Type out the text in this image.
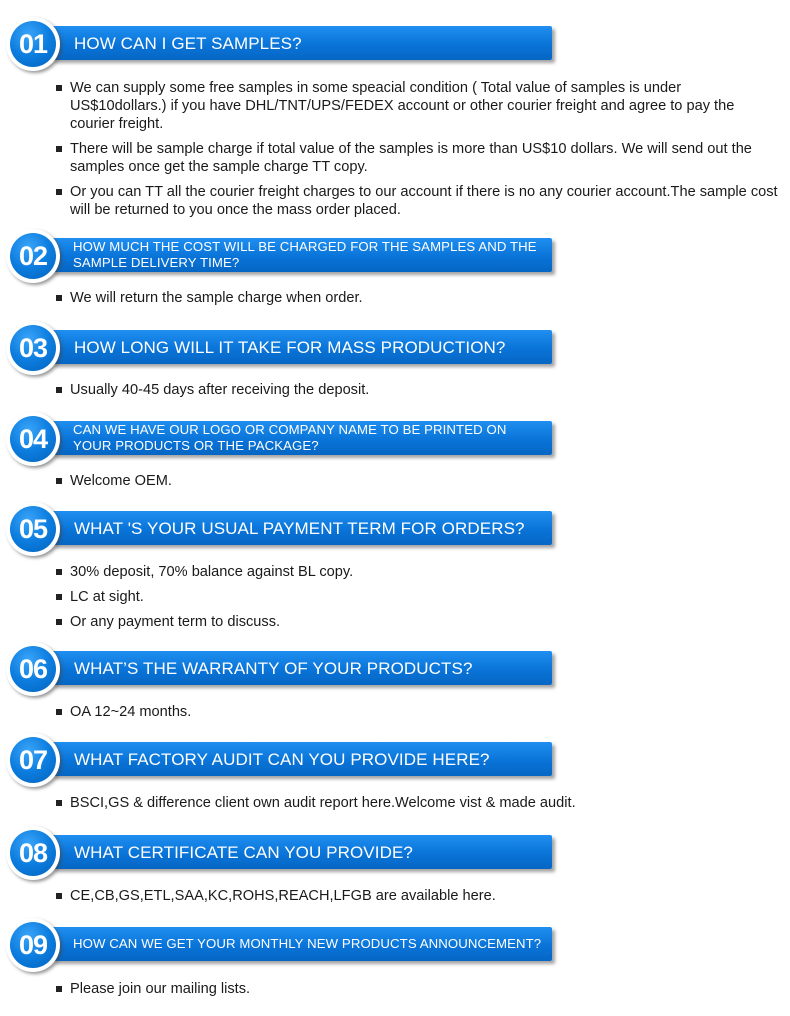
HOW CAN I GET SAMPLES?
01
We can supply some free samples in some speacial condition ( Total value of samples is under US$10dollars.) if you have DHL/TNT/UPS/FEDEX account or other courier freight and agree to pay the courier freight.
There will be sample charge if total value of the samples is more than US$10 dollars. We will send out the samples once get the sample charge TT copy.
Or you can TT all the courier freight charges to our account if there is no any courier account.The sample cost will be returned to you once the mass order placed.
HOW MUCH THE COST WILL BE CHARGED FOR THE SAMPLES AND THE SAMPLE DELIVERY TIME?
02
We will return the sample charge when order.
HOW LONG WILL IT TAKE FOR MASS PRODUCTION?
03
Usually 40-45 days after receiving the deposit.
CAN WE HAVE OUR LOGO OR COMPANY NAME TO BE PRINTED ON YOUR PRODUCTS OR THE PACKAGE?
04
Welcome OEM.
WHAT 'S YOUR USUAL PAYMENT TERM FOR ORDERS?
05
30% deposit, 70% balance against BL copy.
LC at sight.
Or any payment term to discuss.
WHAT’S THE WARRANTY OF YOUR PRODUCTS?
06
OA 12~24 months.
WHAT FACTORY AUDIT CAN YOU PROVIDE HERE?
07
BSCI,GS & difference client own audit report here.Welcome vist & made audit.
WHAT CERTIFICATE CAN YOU PROVIDE?
08
CE,CB,GS,ETL,SAA,KC,ROHS,REACH,LFGB are available here.
HOW CAN WE GET YOUR MONTHLY NEW PRODUCTS ANNOUNCEMENT?
09
Please join our mailing lists.
